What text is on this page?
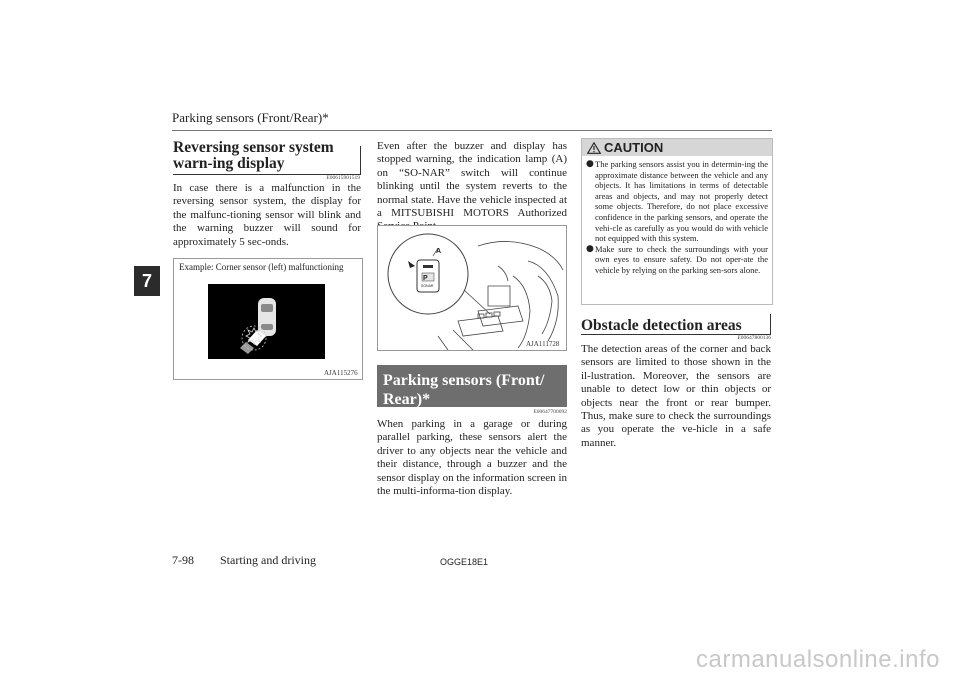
Parking sensors (Front/Rear)*
7
Reversing sensor system warn-ing display
E00615901519
In case there is a malfunction in the reversing sensor system, the display for the malfunc-tioning sensor will blink and the warning buzzer will sound for approximately 5 sec-onds.
Example: Corner sensor (left) malfunctioning
AJA115276
Even after the buzzer and display has stopped warning, the indication lamp (A) on “SO-NAR” switch will continue blinking until the system reverts to the normal state. Have the vehicle inspected at a MITSUBISHI MOTORS Authorized
P
A
SONAR
AJA111728
Parking sensors (Front/ Rear)*
E00647700092
When parking in a garage or during parallel parking, these sensors alert the driver to any objects near the vehicle and their distance, through a buzzer and the sensor display on the information screen in the multi-informa-tion display.
CAUTION
● The parking sensors assist you in determin-ing the approximate distance between the vehicle and any objects. It has limitations in terms of detectable areas and objects, and may not properly detect some objects. Therefore, do not place excessive confidence in the parking sensors, and operate the vehi-cle as carefully as you would do with vehicle not equipped with this system.
● Make sure to check the surroundings with your own eyes to ensure safety. Do not oper-ate the vehicle by relying on the parking sen-sors alone.
Obstacle detection areas
E00647800136
The detection areas of the corner and back sensors are limited to those shown in the il-lustration. Moreover, the sensors are unable to detect low or thin objects or objects near the front or rear bumper. Thus, make sure to check the surroundings as you operate the ve-hicle in a safe manner.
7-98 Starting and driving	OGGE18E1
carmanualsonline.info
